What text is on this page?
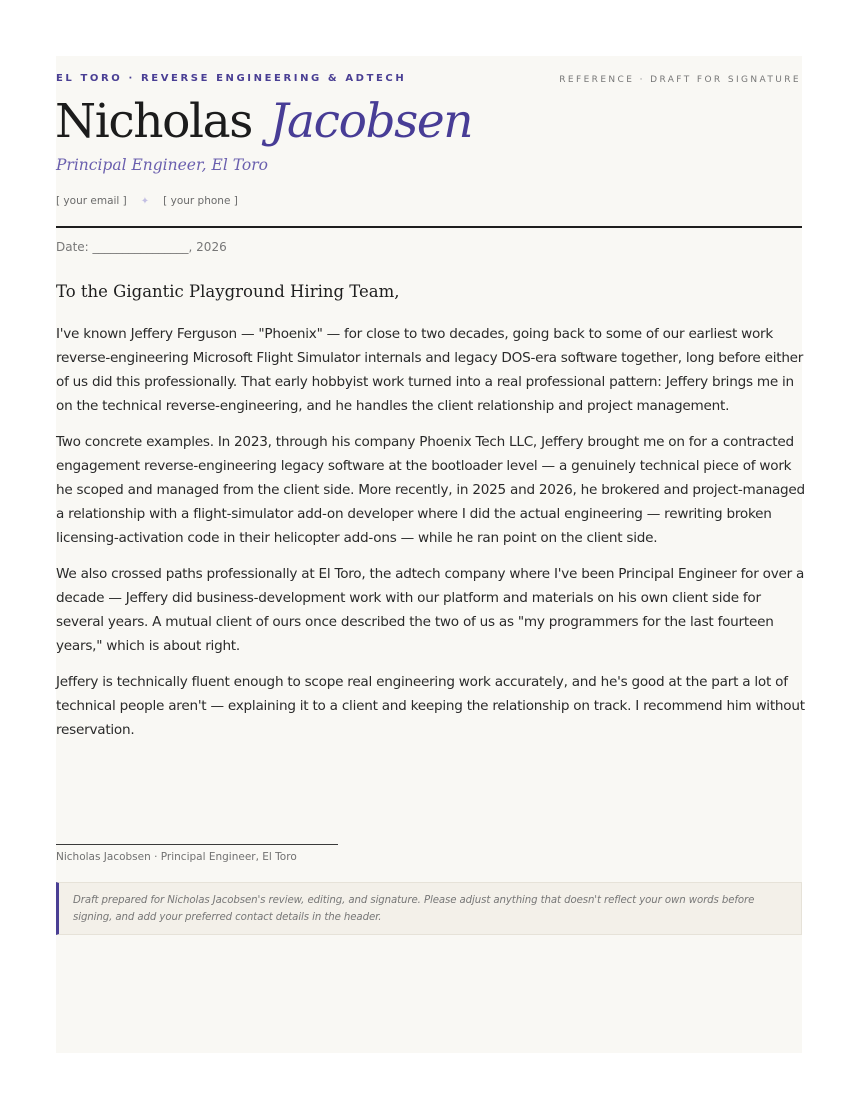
EL TORO · REVERSE ENGINEERING & ADTECH	REFERENCE · DRAFT FOR SIGNATURE
Nicholas Jacobsen
Principal Engineer, El Toro
[ your email ] ✦ [ your phone ]
Date: ________________, 2026
To the Gigantic Playground Hiring Team,

I've known Jeffery Ferguson — "Phoenix" — for close to two decades, going back to some of our earliest work reverse-engineering Microsoft Flight Simulator internals and legacy DOS-era software together, long before either of us did this professionally. That early hobbyist work turned into a real professional pattern: Jeffery brings me in on the technical reverse-engineering, and he handles the client relationship and project management.

Two concrete examples. In 2023, through his company Phoenix Tech LLC, Jeffery brought me on for a contracted engagement reverse-engineering legacy software at the bootloader level — a genuinely technical piece of work he scoped and managed from the client side. More recently, in 2025 and 2026, he brokered and project-managed a relationship with a flight-simulator add-on developer where I did the actual engineering — rewriting broken licensing-activation code in their helicopter add-ons — while he ran point on the client side.

We also crossed paths professionally at El Toro, the adtech company where I've been Principal Engineer for over a decade — Jeffery did business-development work with our platform and materials on his own client side for several years. A mutual client of ours once described the two of us as "my programmers for the last fourteen years," which is about right.

Jeffery is technically fluent enough to scope real engineering work accurately, and he's good at the part a lot of technical people aren't — explaining it to a client and keeping the relationship on track. I recommend him without reservation.

Nicholas Jacobsen · Principal Engineer, El Toro
Draft prepared for Nicholas Jacobsen's review, editing, and signature. Please adjust anything that doesn't reflect your own words before signing, and add your preferred contact details in the header.
